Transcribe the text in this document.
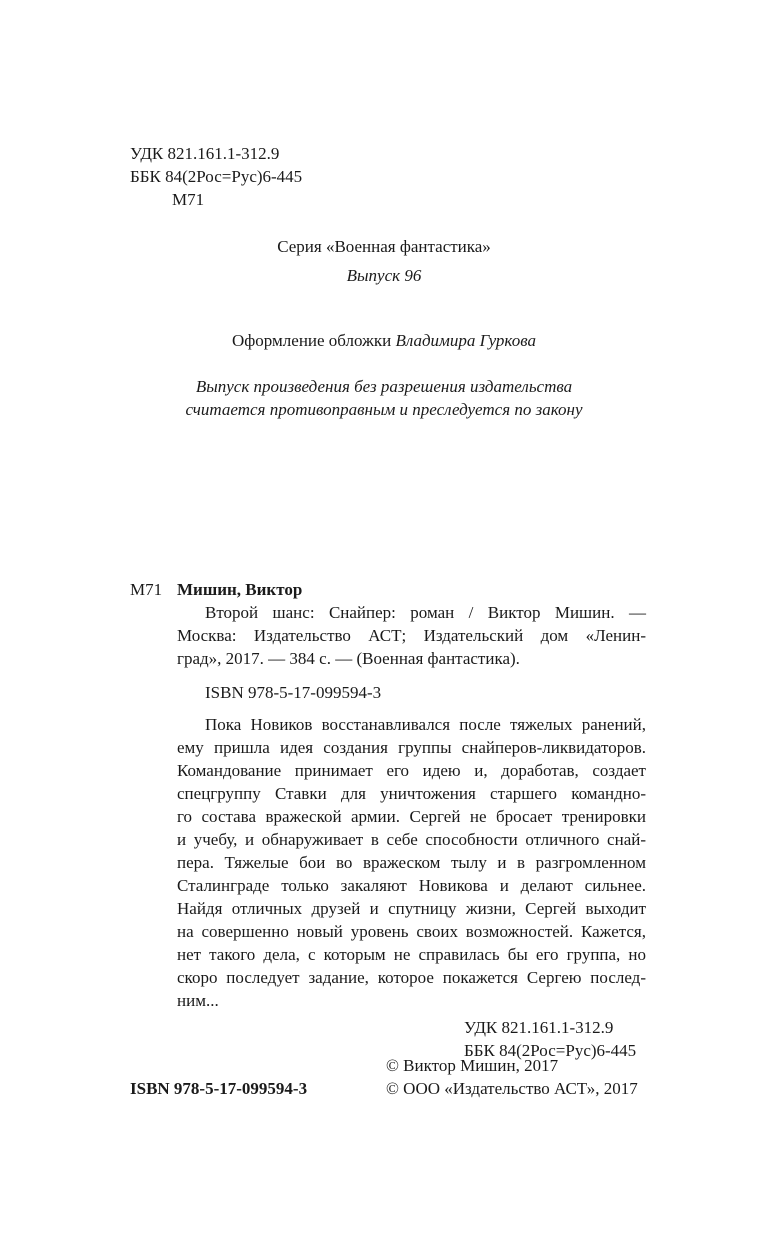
УДК 821.161.1-312.9
ББК 84(2Рос=Рус)6-445
М71
Серия «Военная фантастика»
Выпуск 96
Оформление обложки Владимира Гуркова
Выпуск произведения без разрешения издательства
считается противоправным и преследуется по закону
М71 Мишин, Виктор
Второй шанс: Снайпер: роман / Виктор Мишин. —
Москва: Издательство АСТ; Издательский дом «Ленин-
град», 2017. — 384 с. — (Военная фантастика).
ISBN 978-5-17-099594-3
Пока Новиков восстанавливался после тяжелых ранений,
ему пришла идея создания группы снайперов-ликвидаторов.
Командование принимает его идею и, доработав, создает
спецгруппу Ставки для уничтожения старшего командно-
го состава вражеской армии. Сергей не бросает тренировки
и учебу, и обнаруживает в себе способности отличного снай-
пера. Тяжелые бои во вражеском тылу и в разгромленном
Сталинграде только закаляют Новикова и делают сильнее.
Найдя отличных друзей и спутницу жизни, Сергей выходит
на совершенно новый уровень своих возможностей. Кажется,
нет такого дела, с которым не справилась бы его группа, но
скоро последует задание, которое покажется Сергею послед-
ним...
УДК 821.161.1-312.9
ББК 84(2Рос=Рус)6-445
© Виктор Мишин, 2017
ISBN 978-5-17-099594-3	© ООО «Издательство АСТ», 2017
